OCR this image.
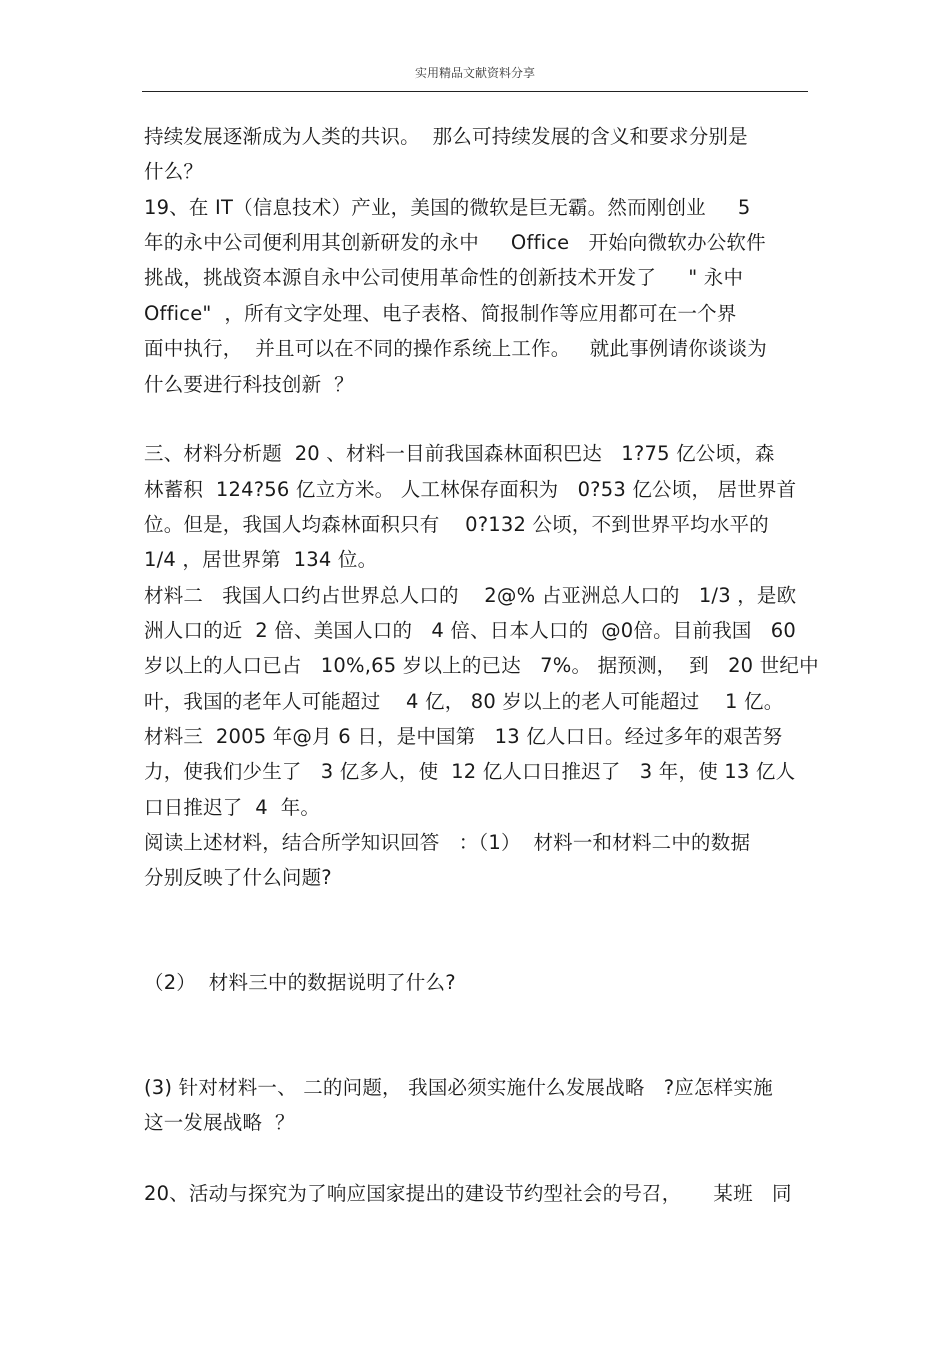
实用精品文献资料分享
持续发展逐渐成为人类的共识。  那么可持续发展的含义和要求分别是
什么？
19、在 IT（信息技术）产业，美国的微软是巨无霸。然而刚创业     5
年的永中公司便利用其创新研发的永中     Office   开始向微软办公软件
挑战，挑战资本源自永中公司使用革命性的创新技术开发了     " 永中
Office"  ，所有文字处理、电子表格、简报制作等应用都可在一个界
面中执行，  并且可以在不同的操作系统上工作。   就此事例请你谈谈为
什么要进行科技创新  ？
三、材料分析题  20 、材料一目前我国森林面积巴达   1?75 亿公顷，森
林蓄积  124?56 亿立方米。 人工林保存面积为   0?53 亿公顷， 居世界首
位。但是，我国人均森林面积只有    0?132 公顷，不到世界平均水平的
1/4 ，居世界第  134 位。
材料二   我国人口约占世界总人口的    2@% 占亚洲总人口的   1/3 ，是欧
洲人口的近  2 倍、美国人口的   4 倍、日本人口的  @0倍。目前我国   60
岁以上的人口已占   10%,65 岁以上的已达   7%。 据预测，  到   20 世纪中
叶，我国的老年人可能超过    4 亿， 80 岁以上的老人可能超过    1 亿。
材料三  2005 年@月 6 日，是中国第   13 亿人口日。经过多年的艰苦努
力，使我们少生了   3 亿多人，使  12 亿人口日推迟了   3 年，使 13 亿人
口日推迟了  4  年。
阅读上述材料，结合所学知识回答   ：（1）  材料一和材料二中的数据
分别反映了什么问题?
（2）  材料三中的数据说明了什么?
(3) 针对材料一、 二的问题， 我国必须实施什么发展战略   ?应怎样实施
这一发展战略  ？
20、活动与探究为了响应国家提出的建设节约型社会的号召，     某班   同
